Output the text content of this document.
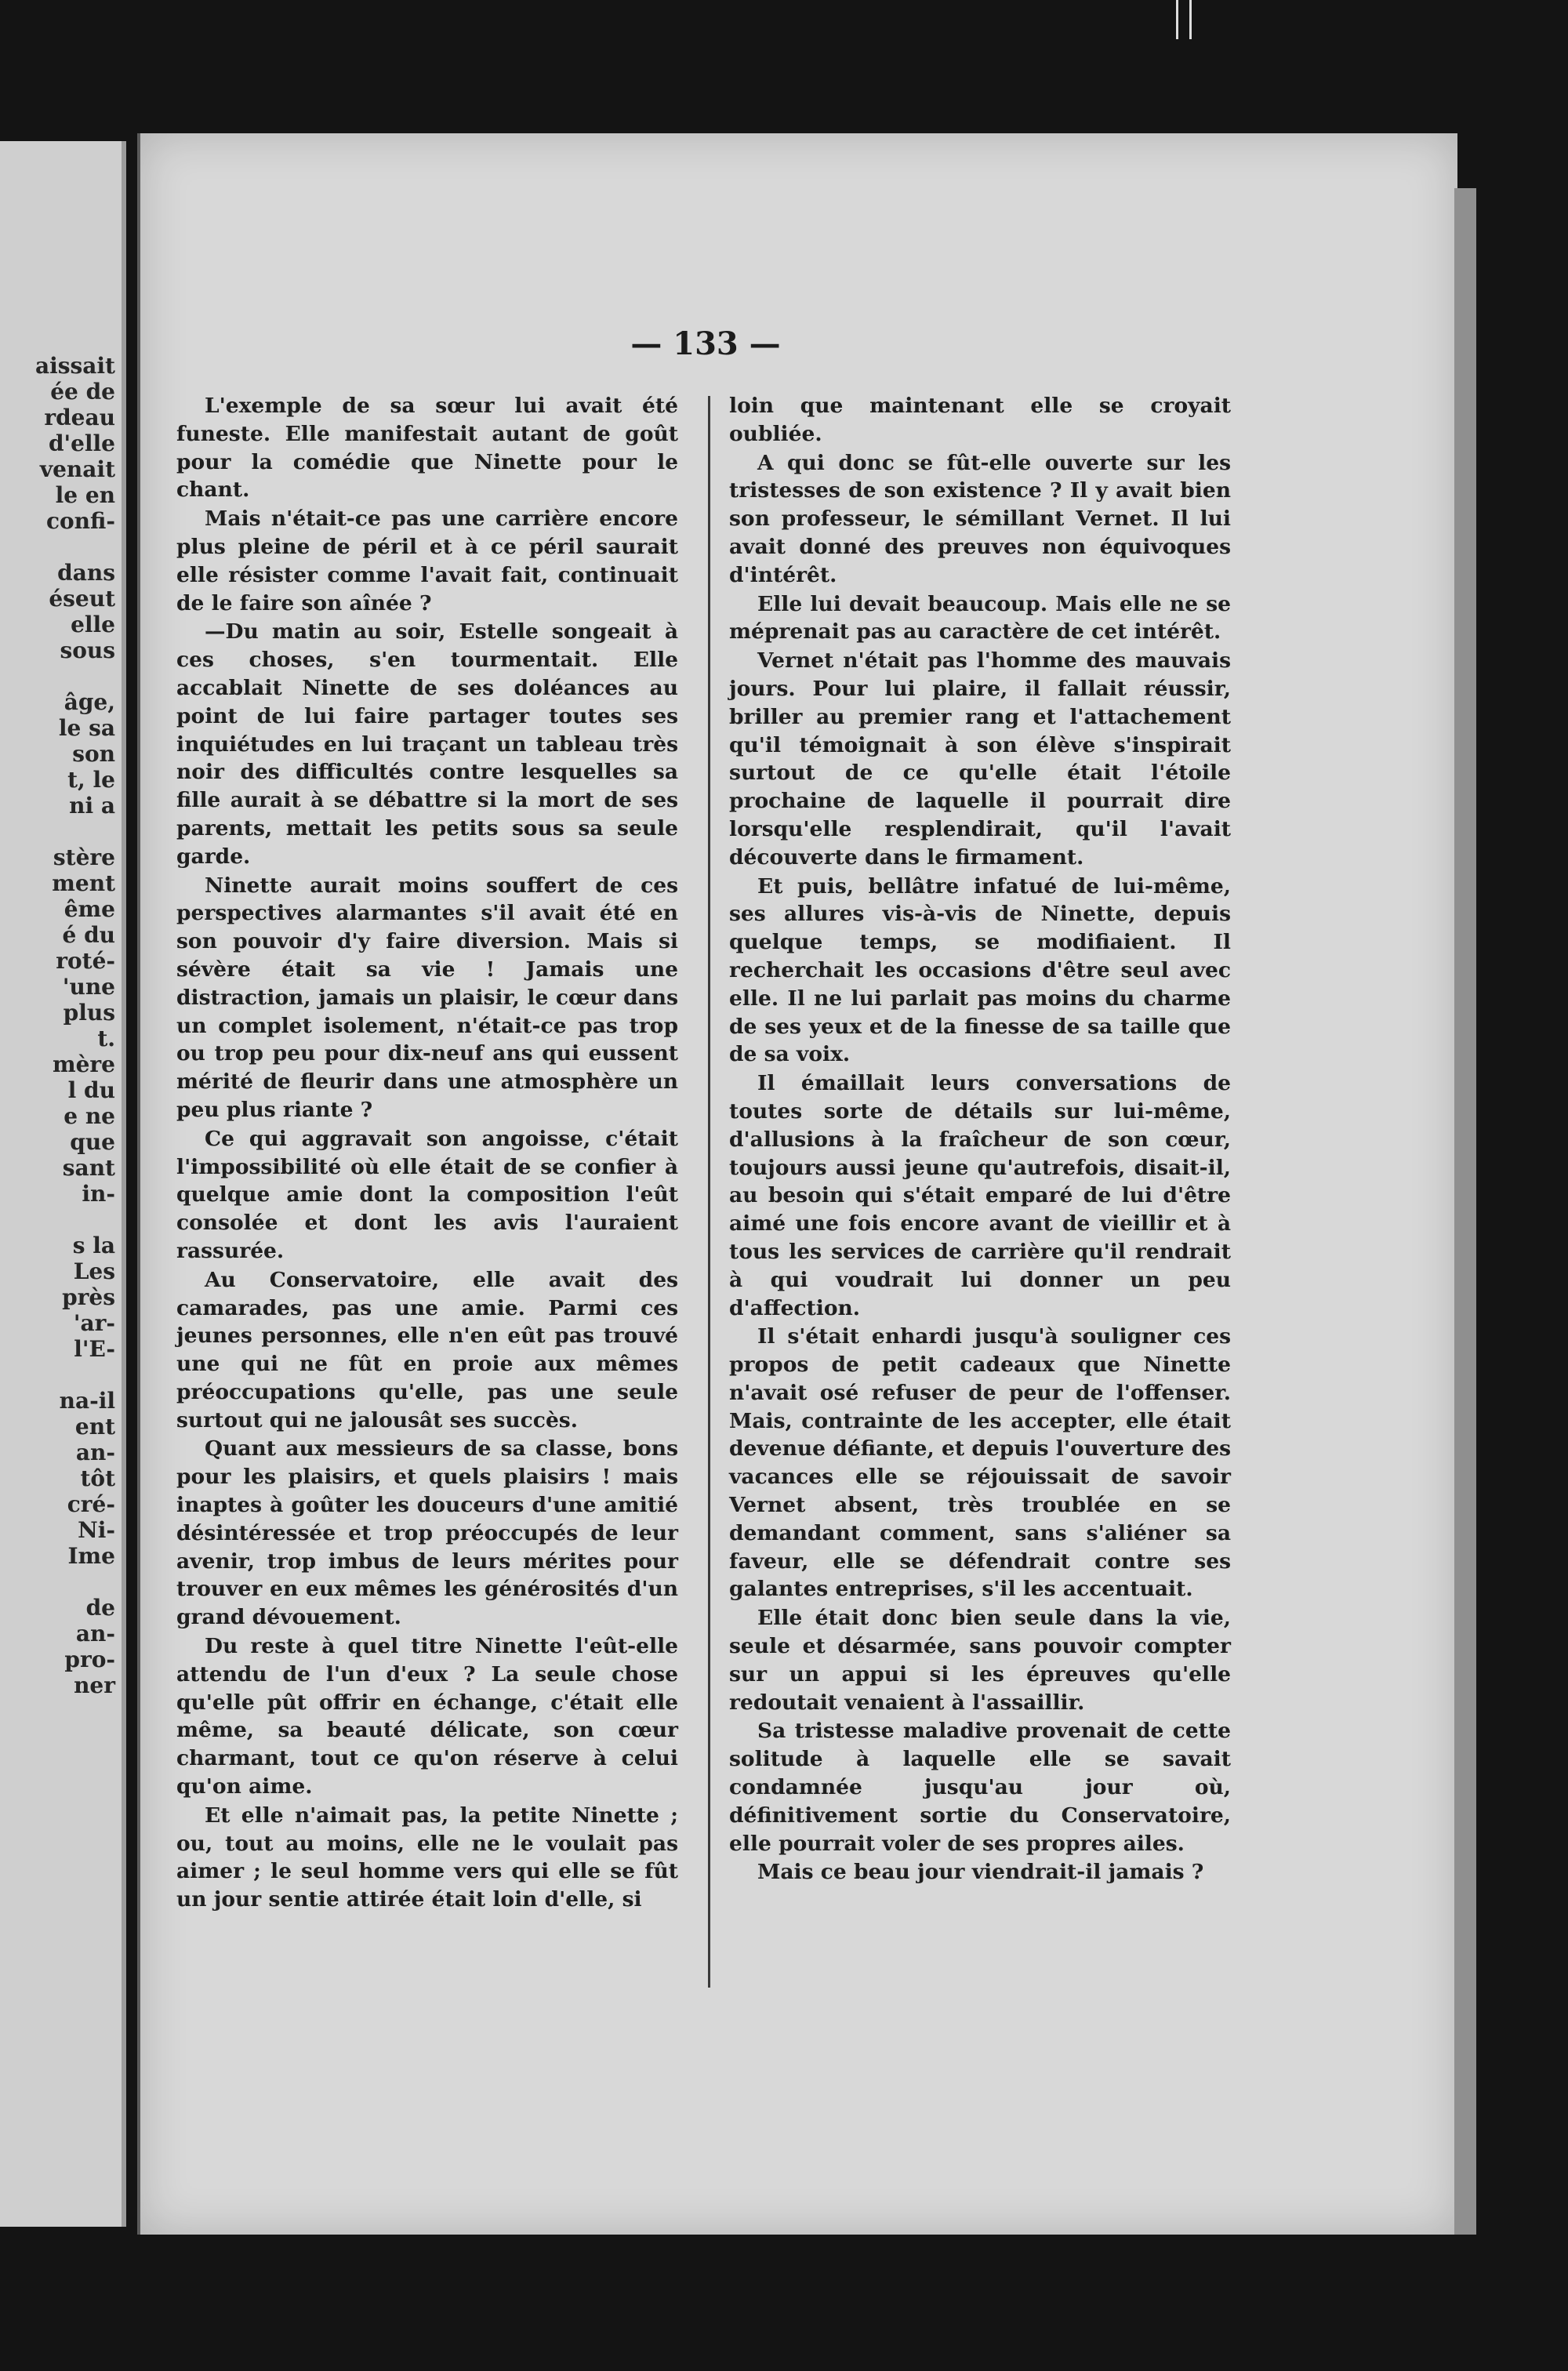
aissait
ée de
rdeau
d'elle
venait
le en
confi-
dans
éseut
elle
sous
âge,
le sa
son
t, le
ni a
stère
ment
ême
é du
roté-
'une
plus
t.
mère
l du
e ne
que
sant
in-
s la
Les
près
'ar-
l'E-
na-il
ent
an-
tôt
cré-
Ni-
Ime
de
an-
pro-
ner
— 133 —

L'exemple de sa sœur lui avait été funeste. Elle manifestait autant de goût pour la comédie que Ninette pour le chant.

Mais n'était-ce pas une carrière encore plus pleine de péril et à ce péril saurait elle résister comme l'avait fait, continuait de le faire son aînée ?

—Du matin au soir, Estelle songeait à ces choses, s'en tourmentait. Elle accablait Ninette de ses doléances au point de lui faire partager toutes ses inquiétudes en lui traçant un tableau très noir des difficultés contre lesquelles sa fille aurait à se débattre si la mort de ses parents, mettait les petits sous sa seule garde.

Ninette aurait moins souffert de ces perspectives alarmantes s'il avait été en son pouvoir d'y faire diversion. Mais si sévère était sa vie ! Jamais une distraction, jamais un plaisir, le cœur dans un complet isolement, n'était-ce pas trop ou trop peu pour dix-neuf ans qui eussent mérité de fleurir dans une atmosphère un peu plus riante ?

Ce qui aggravait son angoisse, c'était l'impossibilité où elle était de se confier à quelque amie dont la composition l'eût consolée et dont les avis l'auraient rassurée.

Au Conservatoire, elle avait des camarades, pas une amie. Parmi ces jeunes personnes, elle n'en eût pas trouvé une qui ne fût en proie aux mêmes préoccupations qu'elle, pas une seule surtout qui ne jalousât ses succès.

Quant aux messieurs de sa classe, bons pour les plaisirs, et quels plaisirs ! mais inaptes à goûter les douceurs d'une amitié désintéressée et trop préoccupés de leur avenir, trop imbus de leurs mérites pour trouver en eux mêmes les générosités d'un grand dévouement.

Du reste à quel titre Ninette l'eût-elle attendu de l'un d'eux ? La seule chose qu'elle pût offrir en échange, c'était elle même, sa beauté délicate, son cœur charmant, tout ce qu'on réserve à celui qu'on aime.

Et elle n'aimait pas, la petite Ninette ; ou, tout au moins, elle ne le voulait pas aimer ; le seul homme vers qui elle se fût un jour sentie attirée était loin d'elle, si

loin que maintenant elle se croyait oubliée.

A qui donc se fût-elle ouverte sur les tristesses de son existence ? Il y avait bien son professeur, le sémillant Vernet. Il lui avait donné des preuves non équivoques d'intérêt.

Elle lui devait beaucoup. Mais elle ne se méprenait pas au caractère de cet intérêt.

Vernet n'était pas l'homme des mauvais jours. Pour lui plaire, il fallait réussir, briller au premier rang et l'attachement qu'il témoignait à son élève s'inspirait surtout de ce qu'elle était l'étoile prochaine de laquelle il pourrait dire lorsqu'elle resplendirait, qu'il l'avait découverte dans le firmament.

Et puis, bellâtre infatué de lui-même, ses allures vis-à-vis de Ninette, depuis quelque temps, se modifiaient. Il recherchait les occasions d'être seul avec elle. Il ne lui parlait pas moins du charme de ses yeux et de la finesse de sa taille que de sa voix.

Il émaillait leurs conversations de toutes sorte de détails sur lui-même, d'allusions à la fraîcheur de son cœur, toujours aussi jeune qu'autrefois, disait-il, au besoin qui s'était emparé de lui d'être aimé une fois encore avant de vieillir et à tous les services de carrière qu'il rendrait à qui voudrait lui donner un peu d'affection.

Il s'était enhardi jusqu'à souligner ces propos de petit cadeaux que Ninette n'avait osé refuser de peur de l'offenser. Mais, contrainte de les accepter, elle était devenue défiante, et depuis l'ouverture des vacances elle se réjouissait de savoir Vernet absent, très troublée en se demandant comment, sans s'aliéner sa faveur, elle se défendrait contre ses galantes entreprises, s'il les accentuait.

Elle était donc bien seule dans la vie, seule et désarmée, sans pouvoir compter sur un appui si les épreuves qu'elle redoutait venaient à l'assaillir.

Sa tristesse maladive provenait de cette solitude à laquelle elle se savait condamnée jusqu'au jour où, définitivement sortie du Conservatoire, elle pourrait voler de ses propres ailes.

Mais ce beau jour viendrait-il jamais ?
